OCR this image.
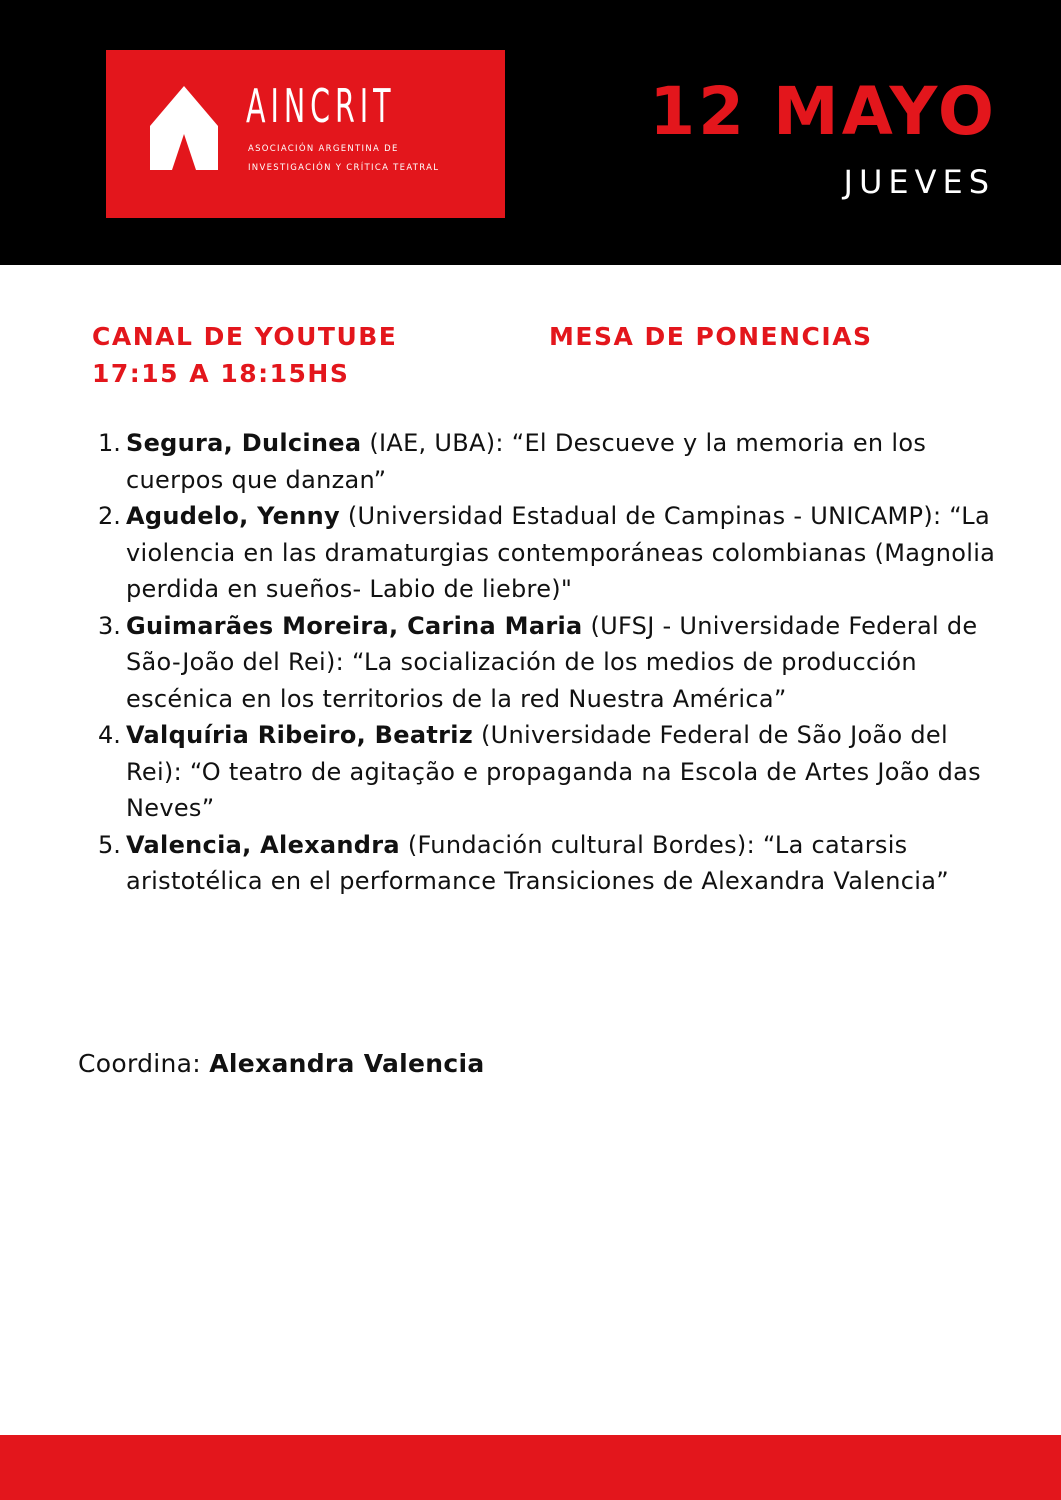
AINCRIT
ASOCIACIÓN ARGENTINA DE
INVESTIGACIÓN Y CRÍTICA TEATRAL
12 MAYO
JUEVES
CANAL DE YOUTUBE
17:15 A 18:15HS
MESA DE PONENCIAS
1. Segura, Dulcinea (IAE, UBA): “El Descueve y la memoria en los cuerpos que danzan”
2. Agudelo, Yenny (Universidad Estadual de Campinas - UNICAMP): “La violencia en las dramaturgias contemporáneas colombianas (Magnolia perdida en sueños- Labio de liebre)"
3. Guimarães Moreira, Carina Maria (UFSJ - Universidade Federal de São-João del Rei): “La socialización de los medios de producción escénica en los territorios de la red Nuestra América”
4. Valquíria Ribeiro, Beatriz (Universidade Federal de São João del Rei): “O teatro de agitação e propaganda na Escola de Artes João das Neves”
5. Valencia, Alexandra (Fundación cultural Bordes): “La catarsis aristotélica en el performance Transiciones de Alexandra Valencia”
Coordina: Alexandra Valencia
